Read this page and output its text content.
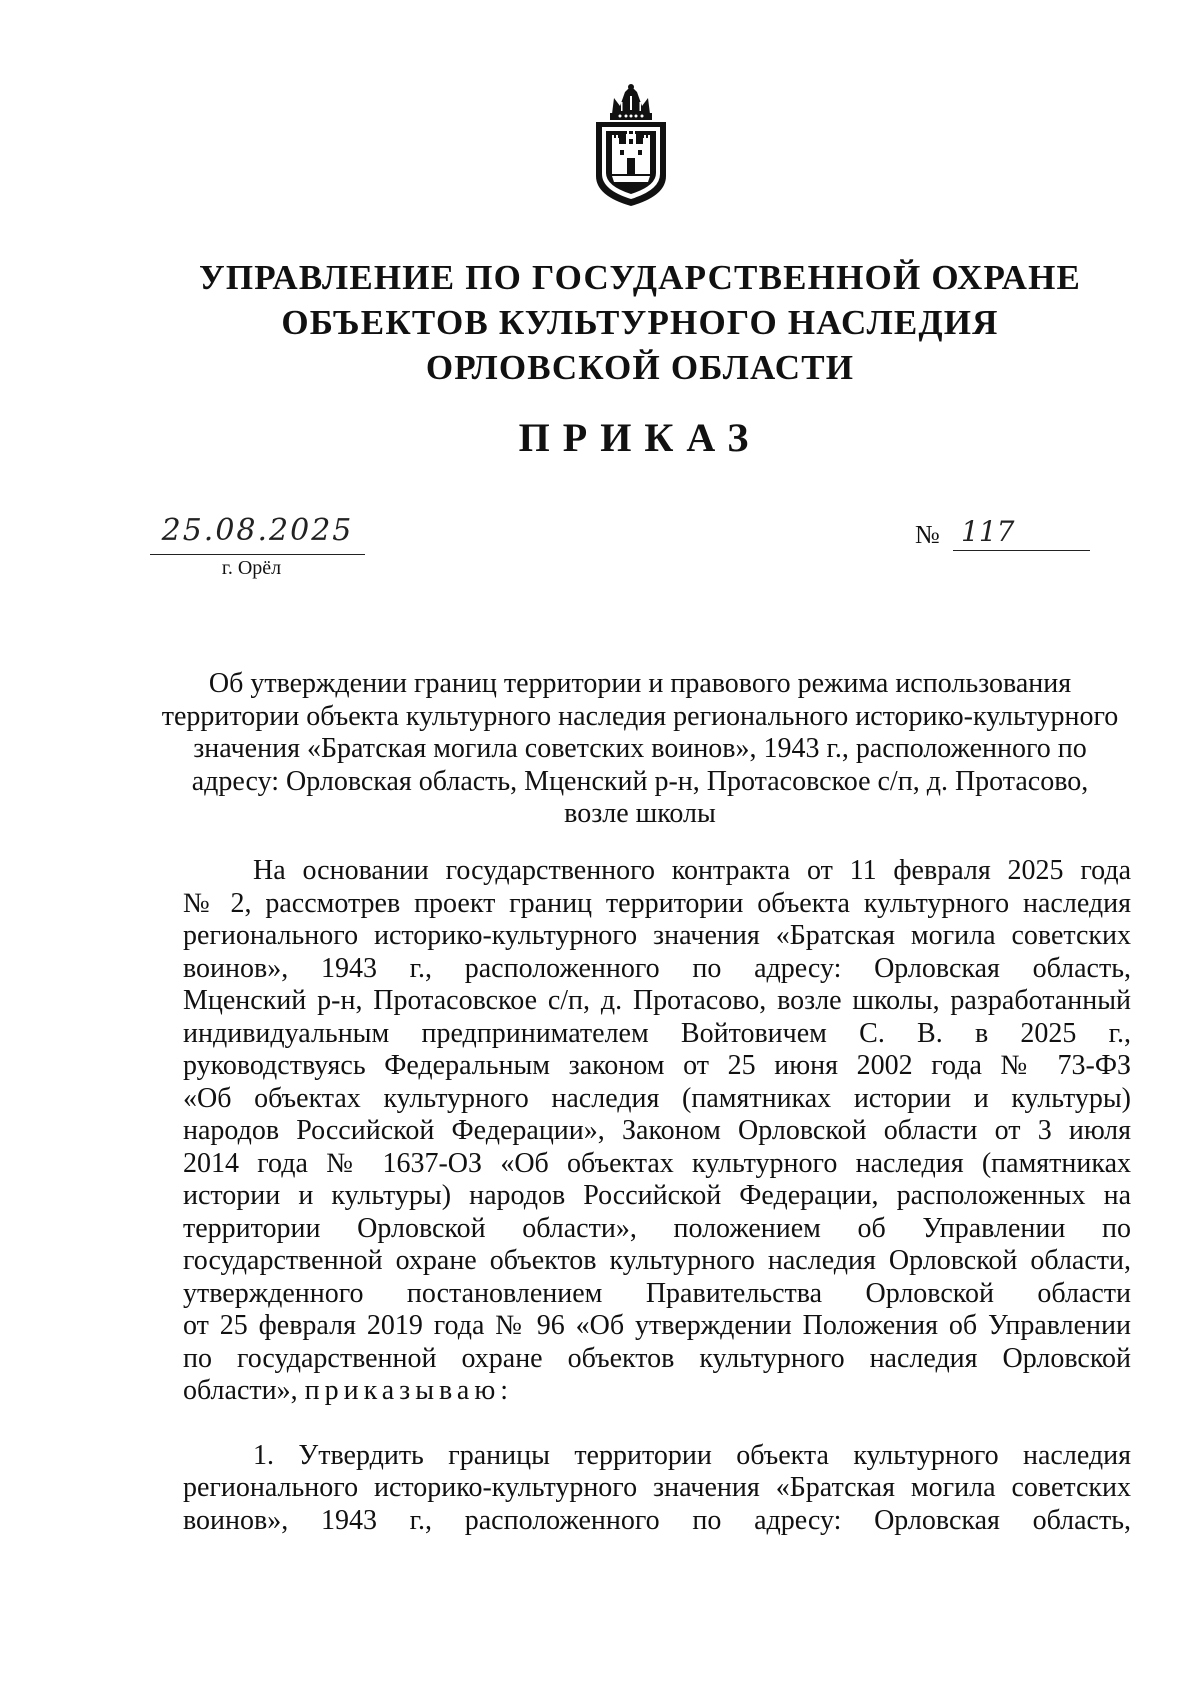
УПРАВЛЕНИЕ ПО ГОСУДАРСТВЕННОЙ ОХРАНЕ
ОБЪЕКТОВ КУЛЬТУРНОГО НАСЛЕДИЯ
ОРЛОВСКОЙ ОБЛАСТИ
ПРИКАЗ
25.08.2025
г. Орёл
№ 117
Об утверждении границ территории и правового режима использования
территории объекта культурного наследия регионального историко-культурного
значения «Братская могила советских воинов», 1943 г., расположенного по
адресу: Орловская область, Мценский р-н, Протасовское с/п, д. Протасово,
возле школы
На основании государственного контракта от 11 февраля 2025 года
№ 2, рассмотрев проект границ территории объекта культурного наследия
регионального историко-культурного значения «Братская могила советских
воинов», 1943 г., расположенного по адресу: Орловская область,
Мценский р-н, Протасовское с/п, д. Протасово, возле школы, разработанный
индивидуальным предпринимателем Войтовичем С. В. в 2025 г.,
руководствуясь Федеральным законом от 25 июня 2002 года № 73-ФЗ
«Об объектах культурного наследия (памятниках истории и культуры)
народов Российской Федерации», Законом Орловской области от 3 июля
2014 года № 1637-ОЗ «Об объектах культурного наследия (памятниках
истории и культуры) народов Российской Федерации, расположенных на
территории Орловской области», положением об Управлении по
государственной охране объектов культурного наследия Орловской области,
утвержденного постановлением Правительства Орловской области
от 25 февраля 2019 года № 96 «Об утверждении Положения об Управлении
по государственной охране объектов культурного наследия Орловской
области», приказываю:
1. Утвердить границы территории объекта культурного наследия
регионального историко-культурного значения «Братская могила советских
воинов», 1943 г., расположенного по адресу: Орловская область,
